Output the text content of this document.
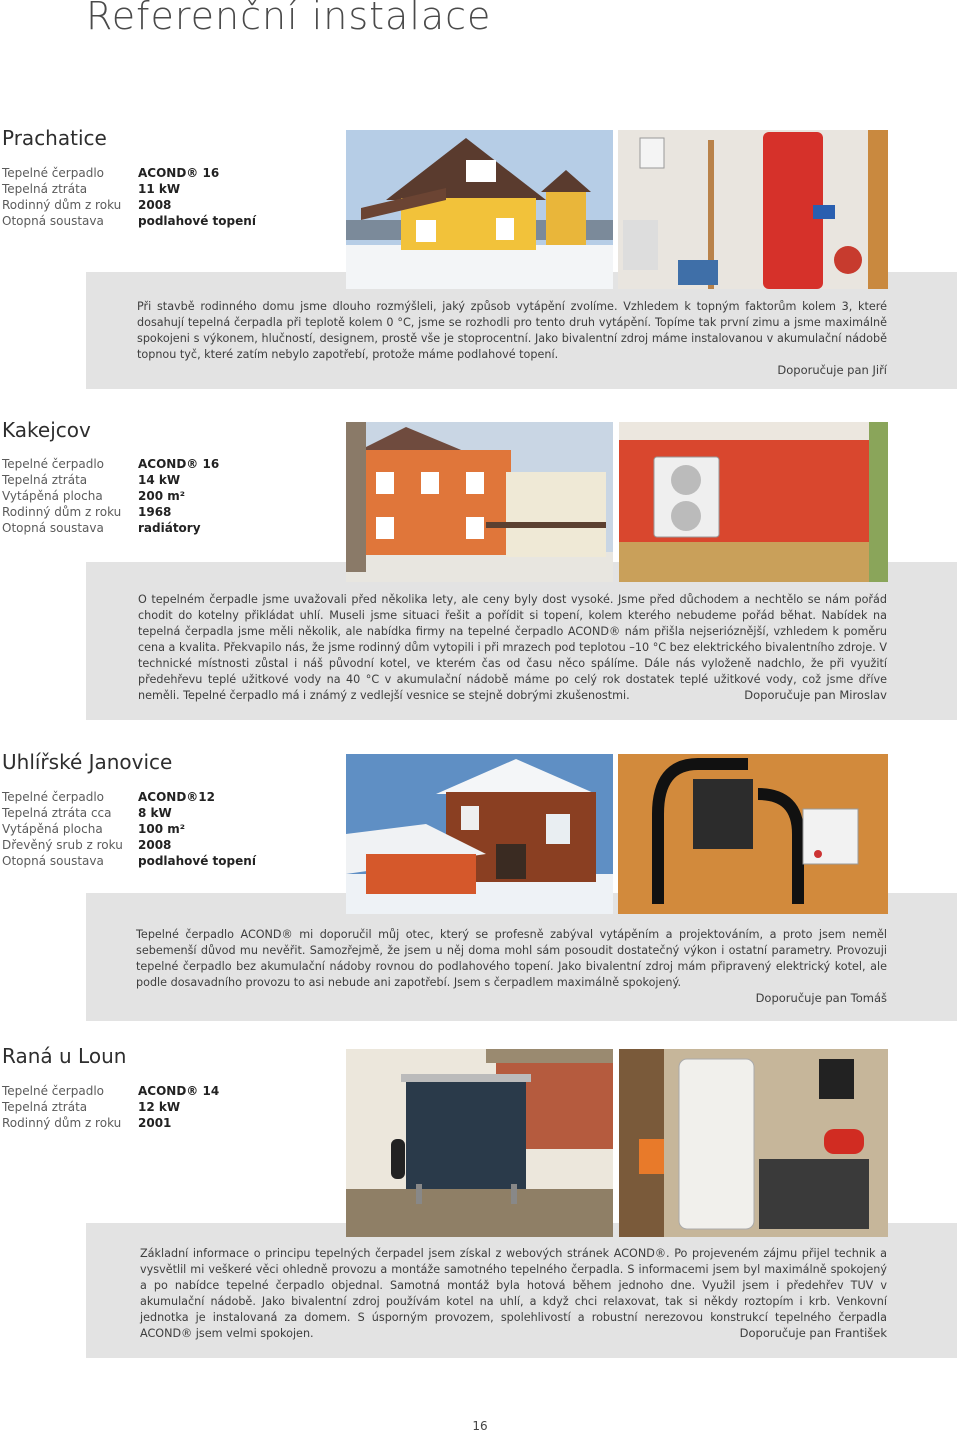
Referenční instalace
Prachatice
Tepelné čerpadlo	ACOND® 16
Tepelná ztráta	11 kW
Rodinný dům z roku	2008
Otopná soustava	podlahové topení
Při stavbě rodinného domu jsme dlouho rozmýšleli, jaký způsob vytápění zvolíme. Vzhledem k topným faktorům kolem 3, které dosahují tepelná čerpadla při teplotě kolem 0 °C, jsme se rozhodli pro tento druh vytápění. Topíme tak první zimu a jsme maximálně spokojeni s výkonem, hlučností, designem, prostě vše je stoprocentní. Jako bivalentní zdroj máme instalovanou v akumulační nádobě topnou tyč, které zatím nebylo zapotřebí, protože máme podlahové topení.
Doporučuje pan Jiří
Kakejcov
Tepelné čerpadlo	ACOND® 16
Tepelná ztráta	14 kW
Vytápěná plocha	200 m²
Rodinný dům z roku	1968
Otopná soustava	radiátory
O tepelném čerpadle jsme uvažovali před několika lety, ale ceny byly dost vysoké. Jsme před důchodem a nechtělo se nám pořád chodit do kotelny přikládat uhlí. Museli jsme situaci řešit a pořídit si topení, kolem kterého nebudeme pořád běhat. Nabídek na tepelná čerpadla jsme měli několik, ale nabídka firmy na tepelné čerpadlo ACOND® nám přišla nejserióznější, vzhledem k poměru cena a kvalita. Překvapilo nás, že jsme rodinný dům vytopili i při mrazech pod teplotou –10 °C bez elektrického bivalentního zdroje. V technické místnosti zůstal i náš původní kotel, ve kterém čas od času něco spálíme. Dále nás vyloženě nadchlo, že při využití předehřevu teplé užitkové vody na 40 °C v akumulační nádobě máme po celý rok dostatek teplé užitkové vody, což jsme dříve neměli. Tepelné čerpadlo má i známý z vedlejší vesnice se stejně dobrými zkušenostmi.	Doporučuje pan Miroslav
Uhlířské Janovice
Tepelné čerpadlo	ACOND®12
Tepelná ztráta cca	8 kW
Vytápěná plocha	100 m²
Dřevěný srub z roku	2008
Otopná soustava	podlahové topení
Tepelné čerpadlo ACOND® mi doporučil můj otec, který se profesně zabýval vytápěním a projektováním, a proto jsem neměl sebemenší důvod mu nevěřit. Samozřejmě, že jsem u něj doma mohl sám posoudit dostatečný výkon i ostatní parametry. Provozuji tepelné čerpadlo bez akumulační nádoby rovnou do podlahového topení. Jako bivalentní zdroj mám připravený elektrický kotel, ale podle dosavadního provozu to asi nebude ani zapotřebí. Jsem s čerpadlem maximálně spokojený.
Doporučuje pan Tomáš
Raná u Loun
Tepelné čerpadlo	ACOND® 14
Tepelná ztráta	12 kW
Rodinný dům z roku	2001
Základní informace o principu tepelných čerpadel jsem získal z webových stránek ACOND®. Po projeveném zájmu přijel technik a vysvětlil mi veškeré věci ohledně provozu a montáže samotného tepelného čerpadla. S informacemi jsem byl maximálně spokojený a po nabídce tepelné čerpadlo objednal. Samotná montáž byla hotová během jednoho dne. Využil jsem i předehřev TUV v akumulační nádobě. Jako bivalentní zdroj používám kotel na uhlí, a když chci relaxovat, tak si někdy roztopím i krb. Venkovní jednotka je instalovaná za domem. S úsporným provozem, spolehlivostí a robustní nerezovou konstrukcí tepelného čerpadla ACOND® jsem velmi spokojen.	Doporučuje pan František
16
